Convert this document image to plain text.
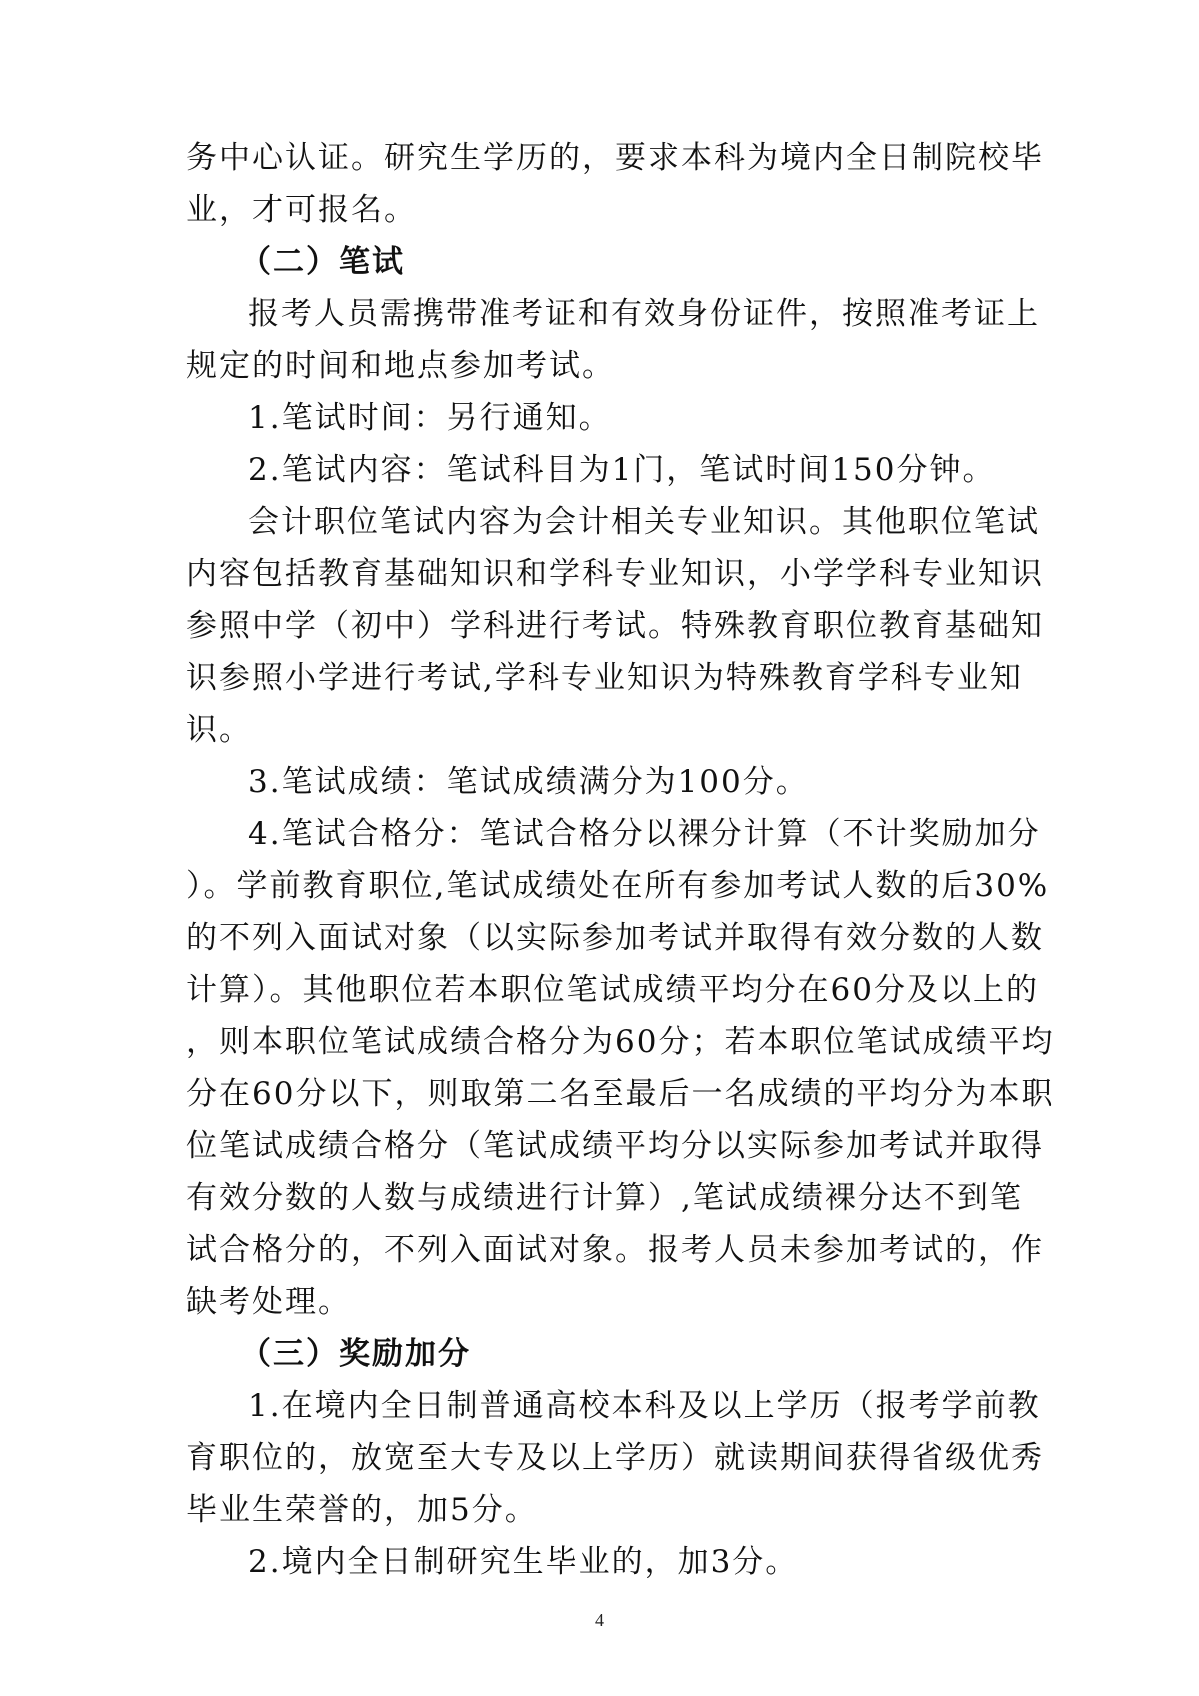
务中心认证。研究生学历的，要求本科为境内全日制院校毕
业，才可报名。
（二）笔试
报考人员需携带准考证和有效身份证件，按照准考证上
规定的时间和地点参加考试。
1.笔试时间：另行通知。
2.笔试内容：笔试科目为1门，笔试时间150分钟。
会计职位笔试内容为会计相关专业知识。其他职位笔试
内容包括教育基础知识和学科专业知识，小学学科专业知识
参照中学（初中）学科进行考试。特殊教育职位教育基础知
识参照小学进行考试,学科专业知识为特殊教育学科专业知
识。
3.笔试成绩：笔试成绩满分为100分。
4.笔试合格分：笔试合格分以裸分计算（不计奖励加分
）。学前教育职位,笔试成绩处在所有参加考试人数的后30%
的不列入面试对象（以实际参加考试并取得有效分数的人数
计算）。其他职位若本职位笔试成绩平均分在60分及以上的
，则本职位笔试成绩合格分为60分；若本职位笔试成绩平均
分在60分以下，则取第二名至最后一名成绩的平均分为本职
位笔试成绩合格分（笔试成绩平均分以实际参加考试并取得
有效分数的人数与成绩进行计算）,笔试成绩裸分达不到笔
试合格分的，不列入面试对象。报考人员未参加考试的，作
缺考处理。
（三）奖励加分
1.在境内全日制普通高校本科及以上学历（报考学前教
育职位的，放宽至大专及以上学历）就读期间获得省级优秀
毕业生荣誉的，加5分。
2.境内全日制研究生毕业的，加3分。
4
